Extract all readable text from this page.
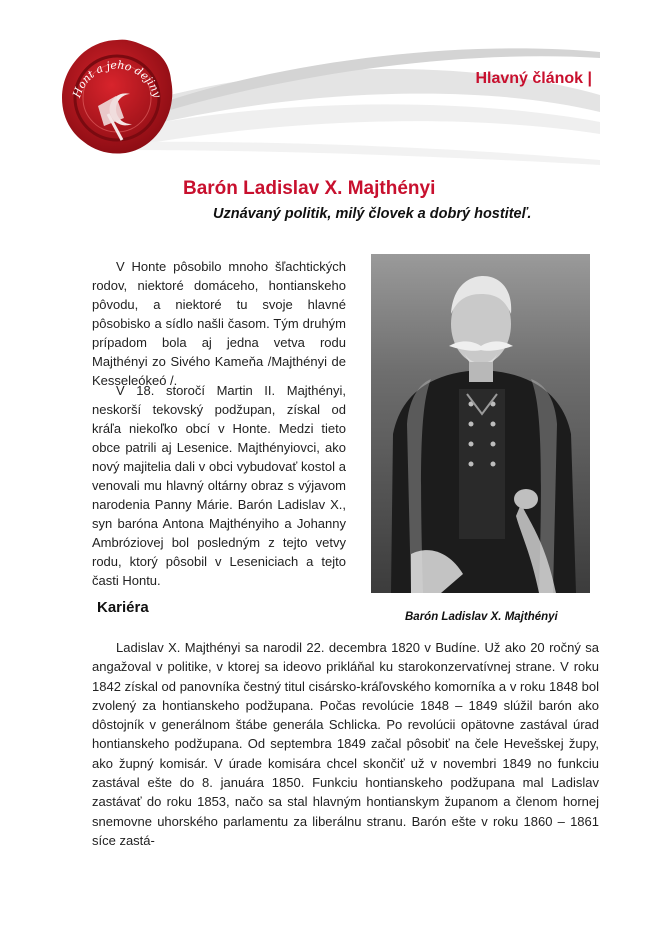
Hont a jeho dejiny
Hlavný článok |
Barón Ladislav X. Majthényi
Uznávaný politik, milý človek a dobrý hostiteľ.

V Honte pôsobilo mnoho šľachtických rodov, niektoré domáceho, hontianskeho pôvodu, a niektoré tu svoje hlavné pôsobisko a sídlo našli časom. Tým druhým prípadom bola aj jedna vetva rodu Majthényi zo Sivého Kameňa /Majthényi de Kesseleókeó /.

V 18. storočí Martin II. Majthényi, neskorší tekovský podžupan, získal od kráľa niekoľko obcí v Honte. Medzi tieto obce patrili aj Lesenice. Majthényiovci, ako nový majitelia dali v obci vybudovať kostol a venovali mu hlavný oltárny obraz s výjavom narodenia Panny Márie. Barón Ladislav X., syn baróna Antona Majthényiho a Johanny Ambróziovej bol posledným z tejto vetvy rodu, ktorý pôsobil v Leseniciach a tejto časti Hontu.

Barón Ladislav X. Majthényi
Kariéra

Ladislav X. Majthényi sa narodil 22. decembra 1820 v Budíne. Už ako 20 ročný sa angažoval v politike, v ktorej sa ideovo prikláňal ku starokonzervatívnej strane. V roku 1842 získal od panovníka čestný titul cisársko-kráľovského komorníka a v roku 1848 bol zvolený za hontianskeho podžupana. Počas revolúcie 1848 – 1849 slúžil barón ako dôstojník v generálnom štábe generála Schlicka. Po revolúcii opätovne zastával úrad hontianskeho podžupana. Od septembra 1849 začal pôsobiť na čele Hevešskej župy, ako župný komisár. V úrade komisára chcel skončiť už v novembri 1849 no funkciu zastával ešte do 8. januára 1850. Funkciu hontianskeho podžupana mal Ladislav zastávať do roku 1853, načo sa stal hlavným hontianskym županom a členom hornej snemovne uhorského parlamentu za liberálnu stranu. Barón ešte v roku 1860 – 1861 síce zastá-
